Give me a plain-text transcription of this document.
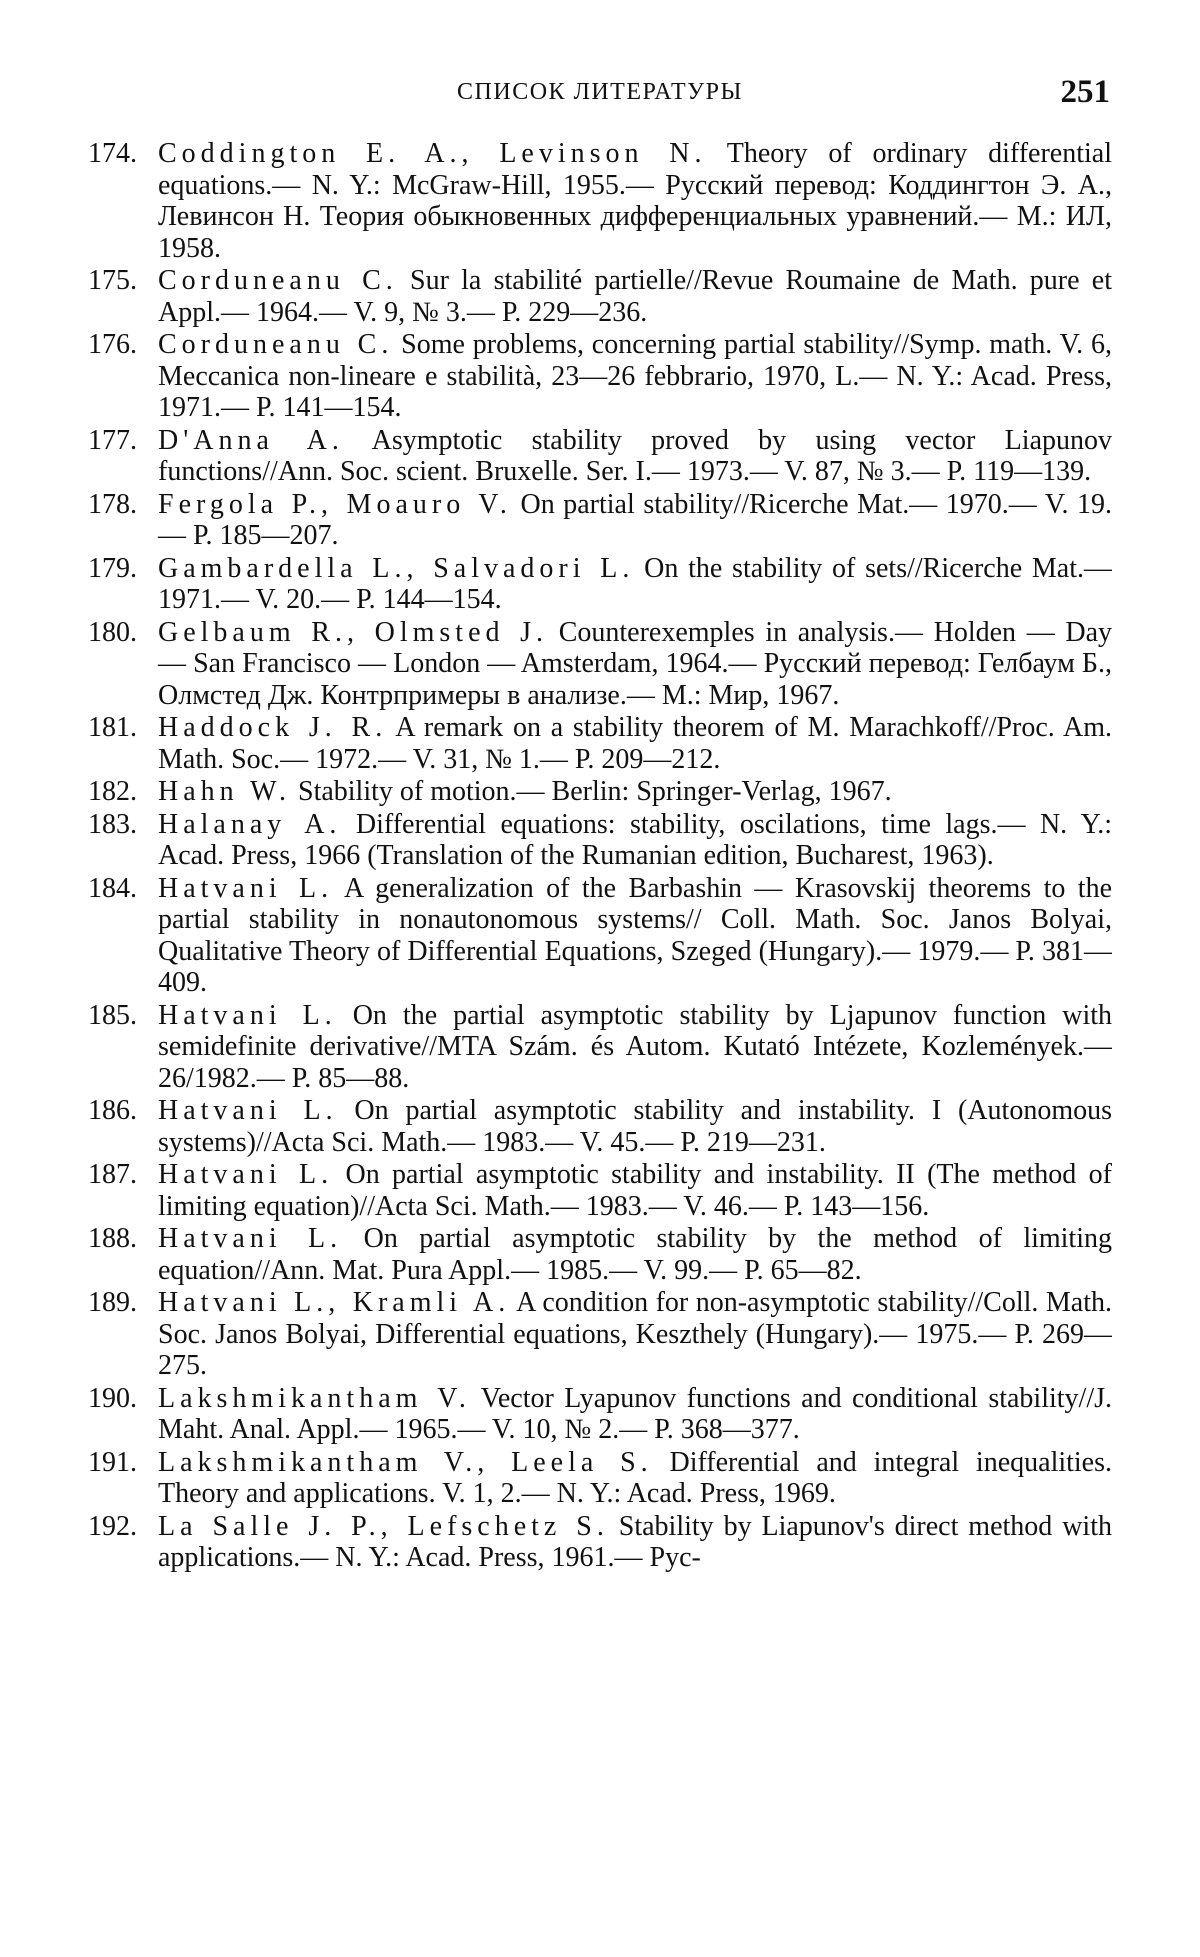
СПИСОК ЛИТЕРАТУРЫ	251
174. Coddington E. A., Levinson N. Theory of ordinary differential equations.— N. Y.: McGraw-Hill, 1955.— Русский перевод: Коддингтон Э. А., Левинсон Н. Теория обыкновенных дифференциальных уравнений.— М.: ИЛ, 1958.
175. Corduneanu C. Sur la stabilité partielle//Revue Roumaine de Math. pure et Appl.— 1964.— V. 9, № 3.— P. 229—236.
176. Corduneanu C. Some problems, concerning partial stability//Symp. math. V. 6, Meccanica non-lineare e stabilità, 23—26 febbrario, 1970, L.— N. Y.: Acad. Press, 1971.— P. 141—154.
177. D'Anna A. Asymptotic stability proved by using vector Liapunov functions//Ann. Soc. scient. Bruxelle. Ser. I.— 1973.— V. 87, № 3.— P. 119—139.
178. Fergola P., Moauro V. On partial stability//Ricerche Mat.— 1970.— V. 19.— P. 185—207.
179. Gambardella L., Salvadori L. On the stability of sets//Ricerche Mat.— 1971.— V. 20.— P. 144—154.
180. Gelbaum R., Olmsted J. Counterexemples in analysis.— Holden — Day — San Francisco — London — Amsterdam, 1964.— Русский перевод: Гелбаум Б., Олмстед Дж. Контрпримеры в анализе.— М.: Мир, 1967.
181. Haddock J. R. A remark on a stability theorem of M. Marachkoff//Proc. Am. Math. Soc.— 1972.— V. 31, № 1.— P. 209—212.
182. Hahn W. Stability of motion.— Berlin: Springer-Verlag, 1967.
183. Halanay A. Differential equations: stability, oscilations, time lags.— N. Y.: Acad. Press, 1966 (Translation of the Rumanian edition, Bucharest, 1963).
184. Hatvani L. A generalization of the Barbashin — Krasovskij theorems to the partial stability in nonautonomous systems// Coll. Math. Soc. Janos Bolyai, Qualitative Theory of Differential Equations, Szeged (Hungary).— 1979.— P. 381—409.
185. Hatvani L. On the partial asymptotic stability by Ljapunov function with semidefinite derivative//MTA Szám. és Autom. Kutató Intézete, Kozlemények.— 26/1982.— P. 85—88.
186. Hatvani L. On partial asymptotic stability and instability. I (Autonomous systems)//Acta Sci. Math.— 1983.— V. 45.— P. 219—231.
187. Hatvani L. On partial asymptotic stability and instability. II (The method of limiting equation)//Acta Sci. Math.— 1983.— V. 46.— P. 143—156.
188. Hatvani L. On partial asymptotic stability by the method of limiting equation//Ann. Mat. Pura Appl.— 1985.— V. 99.— P. 65—82.
189. Hatvani L., Kramli A. A condition for non-asymptotic stability//Coll. Math. Soc. Janos Bolyai, Differential equations, Keszthely (Hungary).— 1975.— P. 269—275.
190. Lakshmikantham V. Vector Lyapunov functions and conditional stability//J. Maht. Anal. Appl.— 1965.— V. 10, № 2.— P. 368—377.
191. Lakshmikantham V., Leela S. Differential and integral inequalities. Theory and applications. V. 1, 2.— N. Y.: Acad. Press, 1969.
192. La Salle J. P., Lefschetz S. Stability by Liapunov's direct method with applications.— N. Y.: Acad. Press, 1961.— Рус-
